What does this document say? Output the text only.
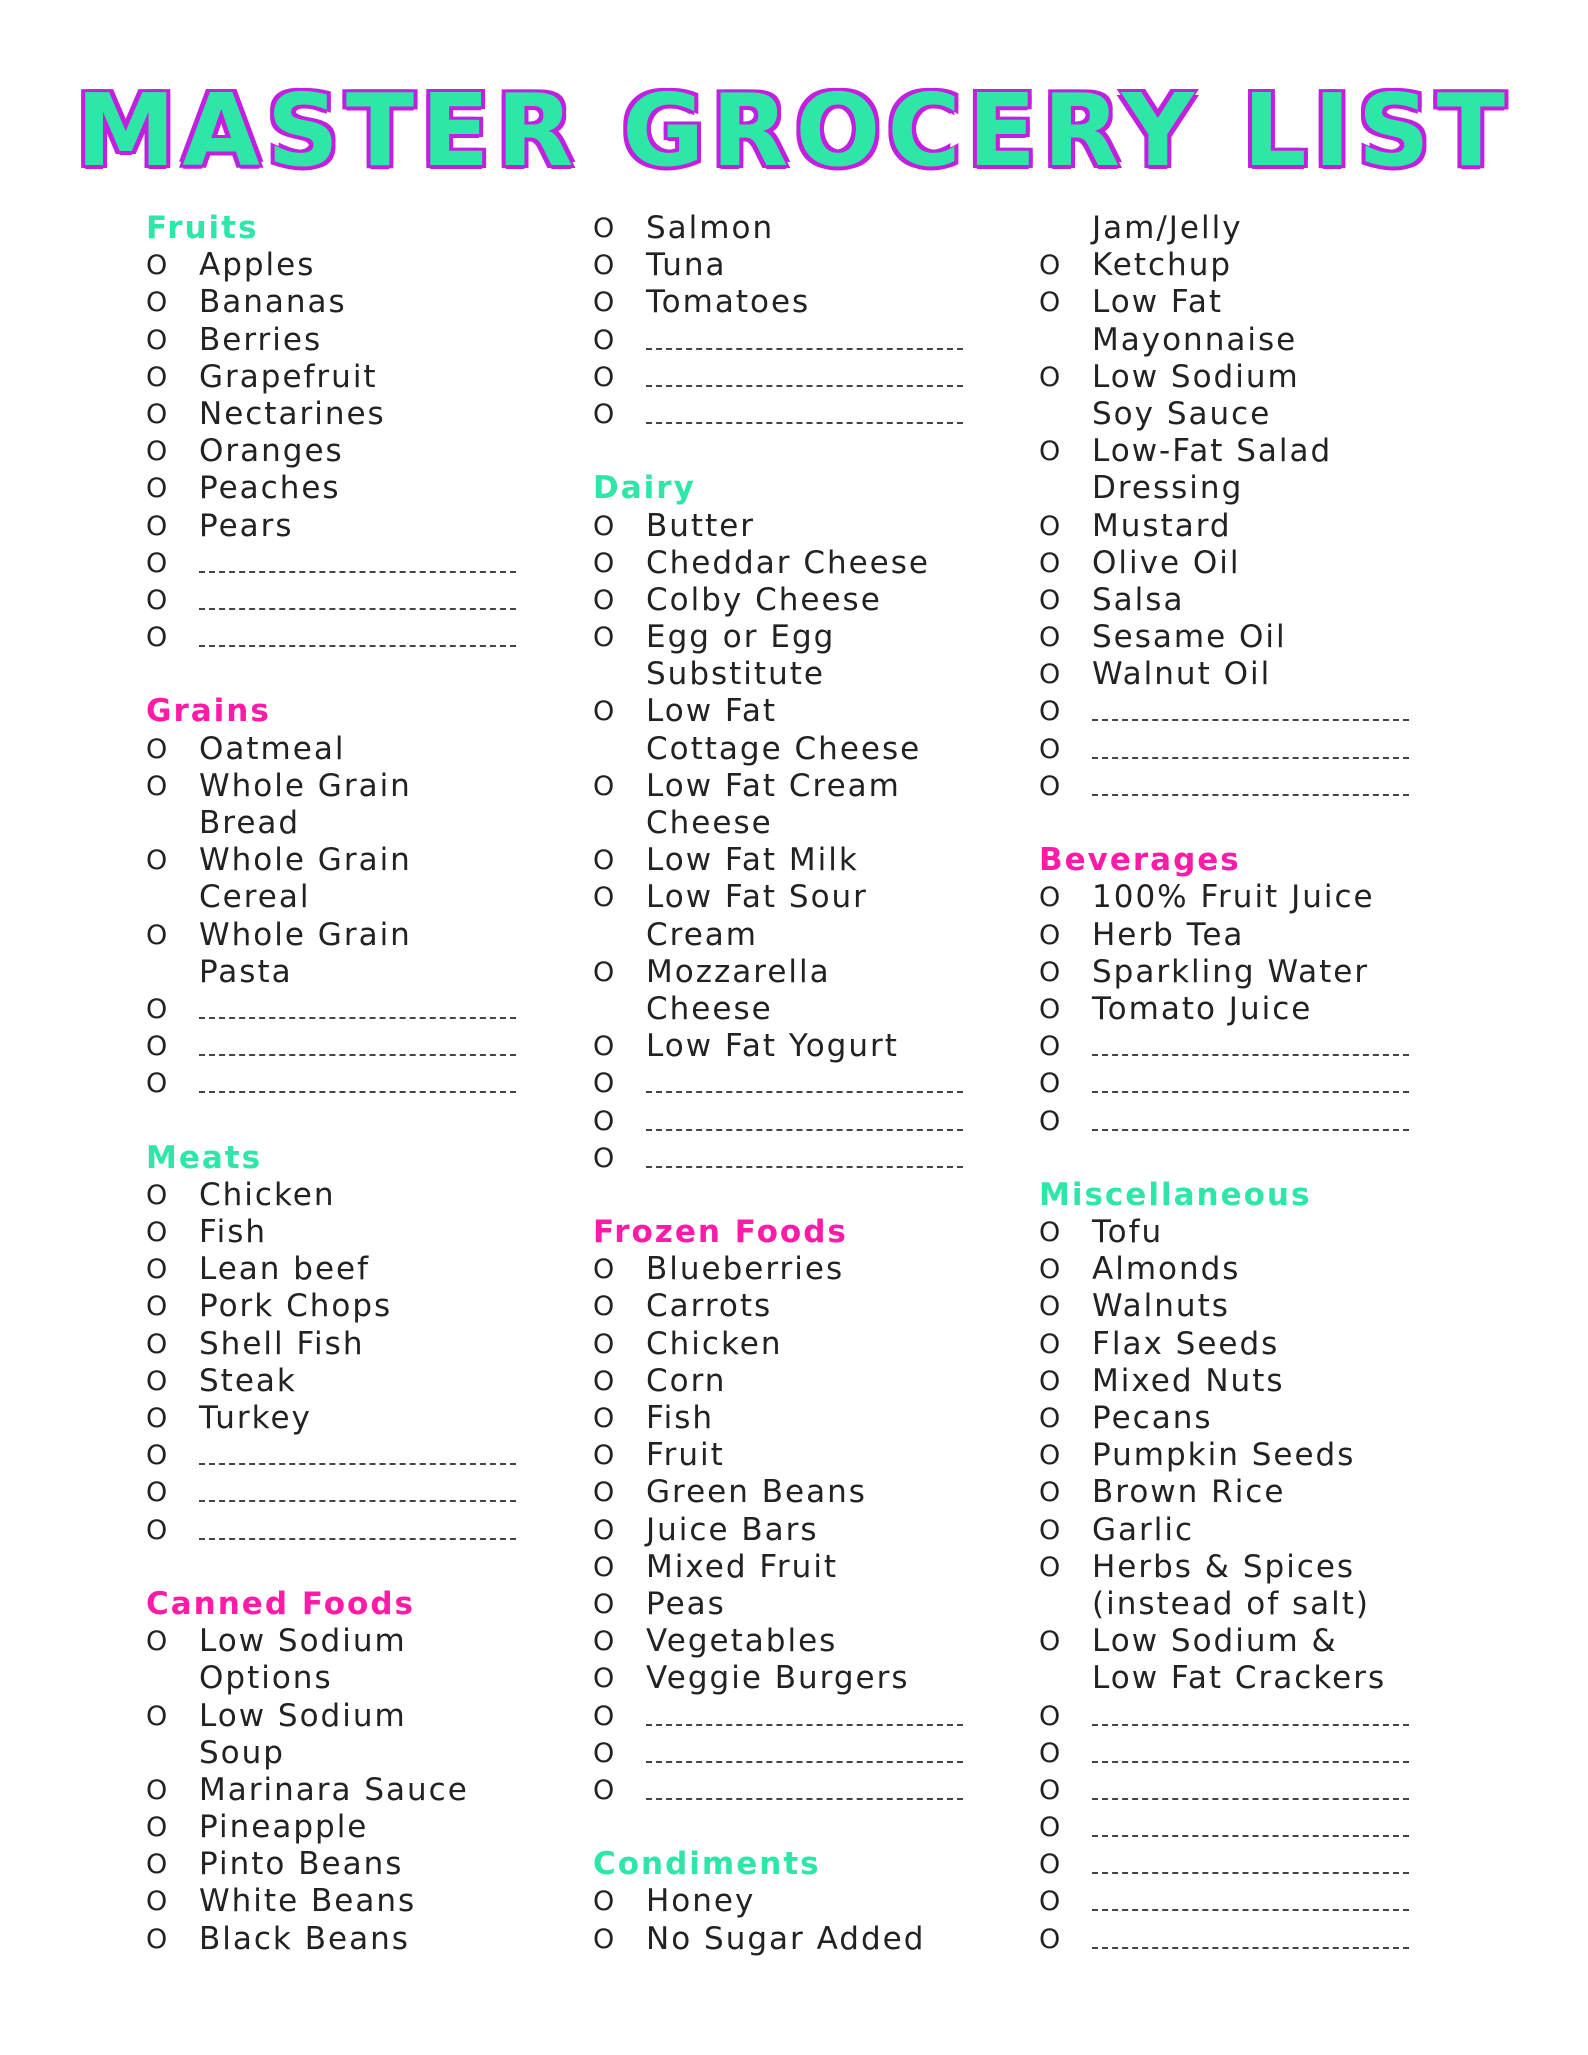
MASTER GROCERY LIST
Fruits
O	Apples
O	Bananas
O	Berries
O	Grapefruit
O	Nectarines
O	Oranges
O	Peaches
O	Pears
O
O
O
Grains
O	Oatmeal
O	Whole Grain
Bread
O	Whole Grain
Cereal
O	Whole Grain
Pasta
O
O
O
Meats
O	Chicken
O	Fish
O	Lean beef
O	Pork Chops
O	Shell Fish
O	Steak
O	Turkey
O
O
O
Canned Foods
O	Low Sodium
Options
O	Low Sodium
Soup
O	Marinara Sauce
O	Pineapple
O	Pinto Beans
O	White Beans
O	Black Beans
O	Salmon
O	Tuna
O	Tomatoes
O
O
O
Dairy
O	Butter
O	Cheddar Cheese
O	Colby Cheese
O	Egg or Egg
Substitute
O	Low Fat
Cottage Cheese
O	Low Fat Cream
Cheese
O	Low Fat Milk
O	Low Fat Sour
Cream
O	Mozzarella
Cheese
O	Low Fat Yogurt
O
O
O
Frozen Foods
O	Blueberries
O	Carrots
O	Chicken
O	Corn
O	Fish
O	Fruit
O	Green Beans
O	Juice Bars
O	Mixed Fruit
O	Peas
O	Vegetables
O	Veggie Burgers
O
O
O
Condiments
O	Honey
O	No Sugar Added
Jam/Jelly
O	Ketchup
O	Low Fat
Mayonnaise
O	Low Sodium
Soy Sauce
O	Low-Fat Salad
Dressing
O	Mustard
O	Olive Oil
O	Salsa
O	Sesame Oil
O	Walnut Oil
O
O
O
Beverages
O	100% Fruit Juice
O	Herb Tea
O	Sparkling Water
O	Tomato Juice
O
O
O
Miscellaneous
O	Tofu
O	Almonds
O	Walnuts
O	Flax Seeds
O	Mixed Nuts
O	Pecans
O	Pumpkin Seeds
O	Brown Rice
O	Garlic
O	Herbs & Spices
(instead of salt)
O	Low Sodium &
Low Fat Crackers
O
O
O
O
O
O
O
